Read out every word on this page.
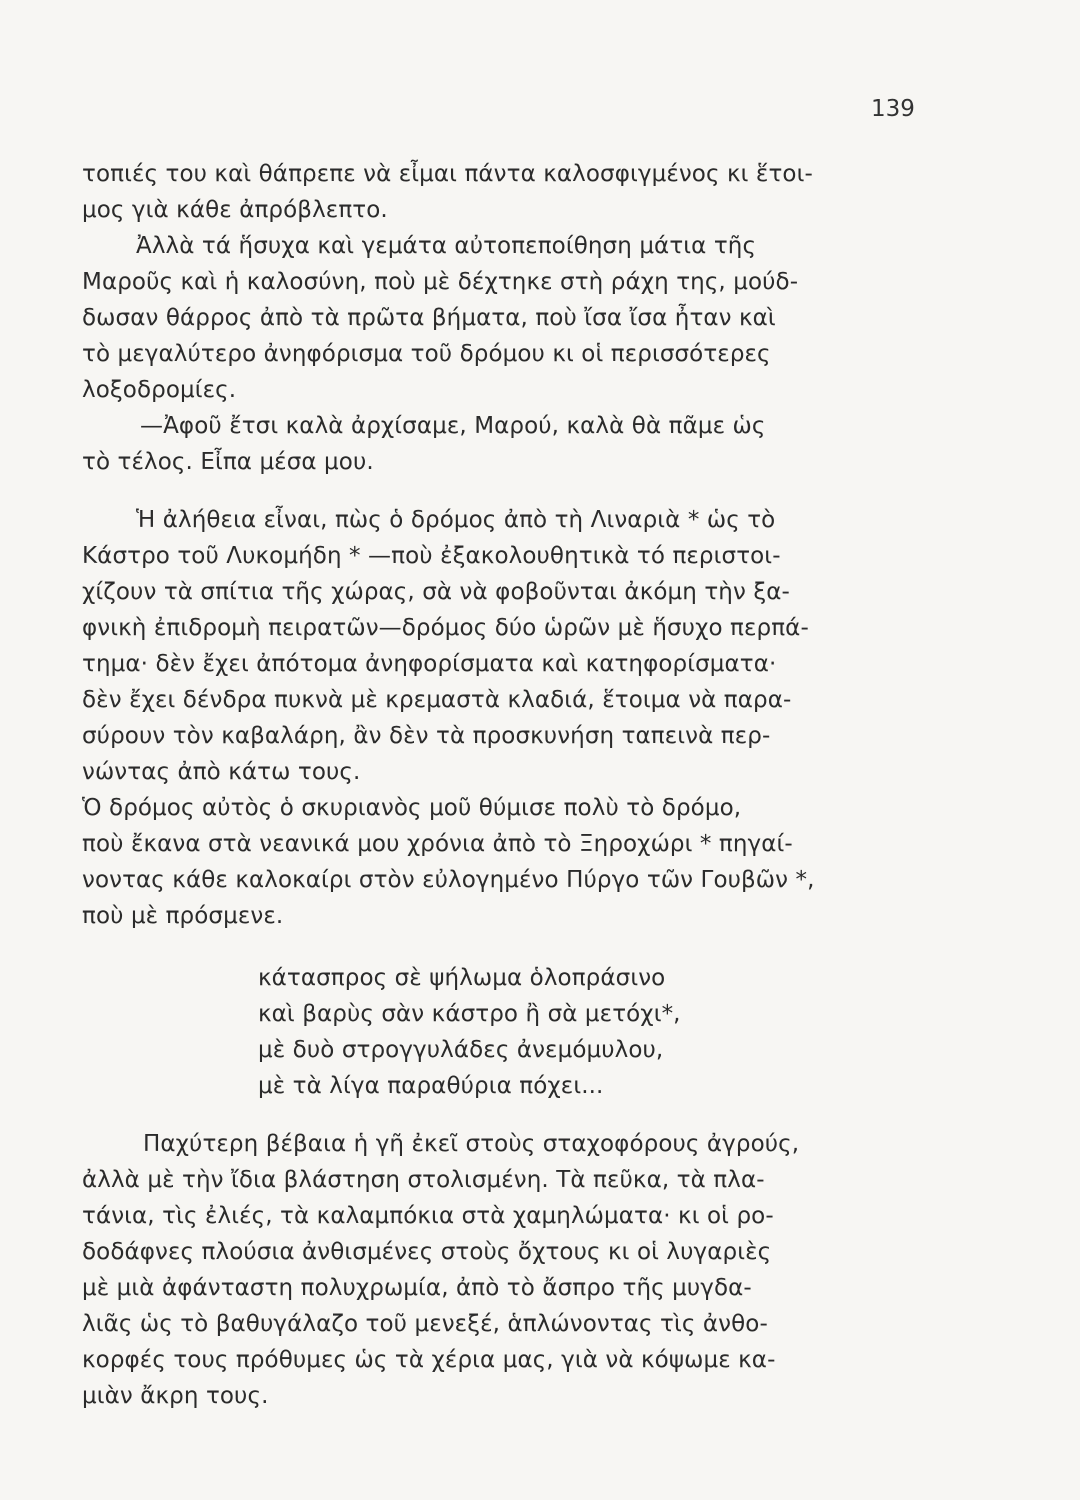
139
τοπιές του καὶ θάπρεπε νὰ εἶμαι πάντα καλοσφιγμένος κι ἕτοι-
μος γιὰ κάθε ἀπρόβλεπτο.
Ἀλλὰ τά ἥσυχα καὶ γεμάτα αὐτοπεποίθηση μάτια τῆς
Μαροῦς καὶ ἡ καλοσύνη, ποὺ μὲ δέχτηκε στὴ ράχη της, μούδ-
δωσαν θάρρος ἀπὸ τὰ πρῶτα βήματα, ποὺ ἴσα ἴσα ἦταν καὶ
τὸ μεγαλύτερο ἀνηφόρισμα τοῦ δρόμου κι οἱ περισσότερες
λοξοδρομίες.
—Ἀφοῦ ἔτσι καλὰ ἀρχίσαμε, Μαρού, καλὰ θὰ πᾶμε ὡς
τὸ τέλος. Εἶπα μέσα μου.
Ἡ ἀλήθεια εἶναι, πὼς ὁ δρόμος ἀπὸ τὴ Λιναριὰ * ὡς τὸ
Κάστρο τοῦ Λυκομήδη * —ποὺ ἐξακολουθητικὰ τό περιστοι-
χίζουν τὰ σπίτια τῆς χώρας, σὰ νὰ φοβοῦνται ἀκόμη τὴν ξα-
φνικὴ ἐπιδρομὴ πειρατῶν—δρόμος δύο ὡρῶν μὲ ἥσυχο περπά-
τημα· δὲν ἔχει ἀπότομα ἀνηφορίσματα καὶ κατηφορίσματα·
δὲν ἔχει δένδρα πυκνὰ μὲ κρεμαστὰ κλαδιά, ἕτοιμα νὰ παρα-
σύρουν τὸν καβαλάρη, ἂν δὲν τὰ προσκυνήση ταπεινὰ περ-
νώντας ἀπὸ κάτω τους.
Ὁ δρόμος αὐτὸς ὁ σκυριανὸς μοῦ θύμισε πολὺ τὸ δρόμο,
ποὺ ἔκανα στὰ νεανικά μου χρόνια ἀπὸ τὸ Ξηροχώρι * πηγαί-
νοντας κάθε καλοκαίρι στὸν εὐλογημένο Πύργο τῶν Γουβῶν *,
ποὺ μὲ πρόσμενε.
κάτασπρος σὲ ψήλωμα ὁλοπράσινο
καὶ βαρὺς σὰν κάστρο ἢ σὰ μετόχι*,
μὲ δυὸ στρογγυλάδες ἀνεμόμυλου,
μὲ τὰ λίγα παραθύρια πόχει...
Παχύτερη βέβαια ἡ γῆ ἐκεῖ στοὺς σταχοφόρους ἀγρούς,
ἀλλὰ μὲ τὴν ἴδια βλάστηση στολισμένη. Τὰ πεῦκα, τὰ πλα-
τάνια, τὶς ἐλιές, τὰ καλαμπόκια στὰ χαμηλώματα· κι οἱ ρο-
δοδάφνες πλούσια ἀνθισμένες στοὺς ὄχτους κι οἱ λυγαριὲς
μὲ μιὰ ἀφάνταστη πολυχρωμία, ἀπὸ τὸ ἄσπρο τῆς μυγδα-
λιᾶς ὡς τὸ βαθυγάλαζο τοῦ μενεξέ, ἁπλώνοντας τὶς ἀνθο-
κορφές τους πρόθυμες ὡς τὰ χέρια μας, γιὰ νὰ κόψωμε κα-
μιὰν ἄκρη τους.
